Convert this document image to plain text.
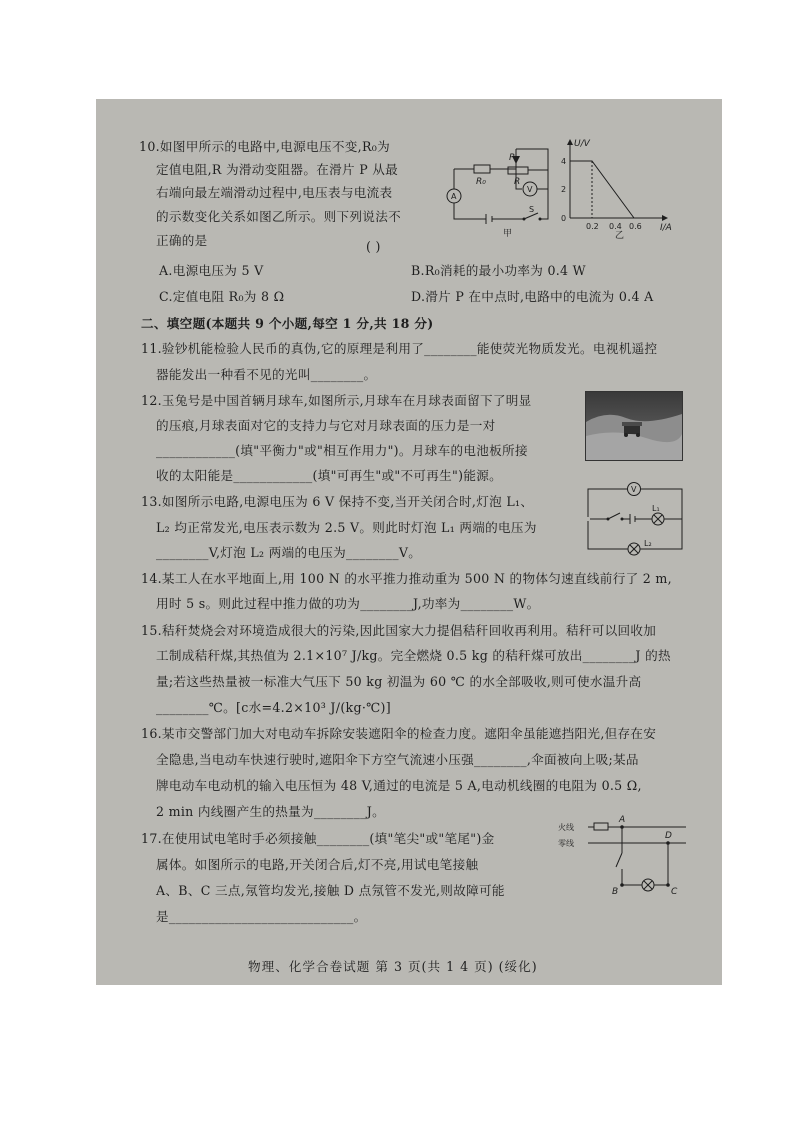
10.如图甲所示的电路中,电源电压不变,R₀为
定值电阻,R 为滑动变阻器。在滑片 P 从最
右端向最左端滑动过程中,电压表与电流表
的示数变化关系如图乙所示。则下列说法不
正确的是	( )
R₀	R
P
A
V
S
甲
U/V
I/A
4
2
0
0.2 0.4 0.6
乙
A.电源电压为 5 V	B.R₀消耗的最小功率为 0.4 W
C.定值电阻 R₀为 8 Ω	D.滑片 P 在中点时,电路中的电流为 0.4 A
二、填空题(本题共 9 个小题,每空 1 分,共 18 分)
11.验钞机能检验人民币的真伪,它的原理是利用了________能使荧光物质发光。电视机遥控
器能发出一种看不见的光叫________。
12.玉兔号是中国首辆月球车,如图所示,月球车在月球表面留下了明显
的压痕,月球表面对它的支持力与它对月球表面的压力是一对
____________(填"平衡力"或"相互作用力")。月球车的电池板所接
收的太阳能是____________(填"可再生"或"不可再生")能源。
13.如图所示电路,电源电压为 6 V 保持不变,当开关闭合时,灯泡 L₁、
L₂ 均正常发光,电压表示数为 2.5 V。则此时灯泡 L₁ 两端的电压为
________V,灯泡 L₂ 两端的电压为________V。
V
L₁
L₂
14.某工人在水平地面上,用 100 N 的水平推力推动重为 500 N 的物体匀速直线前行了 2 m,
用时 5 s。则此过程中推力做的功为________J,功率为________W。
15.秸秆焚烧会对环境造成很大的污染,因此国家大力提倡秸秆回收再利用。秸秆可以回收加
工制成秸秆煤,其热值为 2.1×10⁷ J/kg。完全燃烧 0.5 kg 的秸秆煤可放出________J 的热
量;若这些热量被一标准大气压下 50 kg 初温为 60 ℃ 的水全部吸收,则可使水温升高
________℃。[c水=4.2×10³ J/(kg·℃)]
16.某市交警部门加大对电动车拆除安装遮阳伞的检查力度。遮阳伞虽能遮挡阳光,但存在安
全隐患,当电动车快速行驶时,遮阳伞下方空气流速小压强________,伞面被向上吸;某品
牌电动车电动机的输入电压恒为 48 V,通过的电流是 5 A,电动机线圈的电阻为 0.5 Ω,
2 min 内线圈产生的热量为________J。
17.在使用试电笔时手必须接触________(填"笔尖"或"笔尾")金
属体。如图所示的电路,开关闭合后,灯不亮,用试电笔接触
A、B、C 三点,氖管均发光,接触 D 点氖管不发光,则故障可能
是____________________________。
火线
零线
A
D
B	C
物理、化学合卷试题 第 3 页(共 1 4 页) (绥化)
